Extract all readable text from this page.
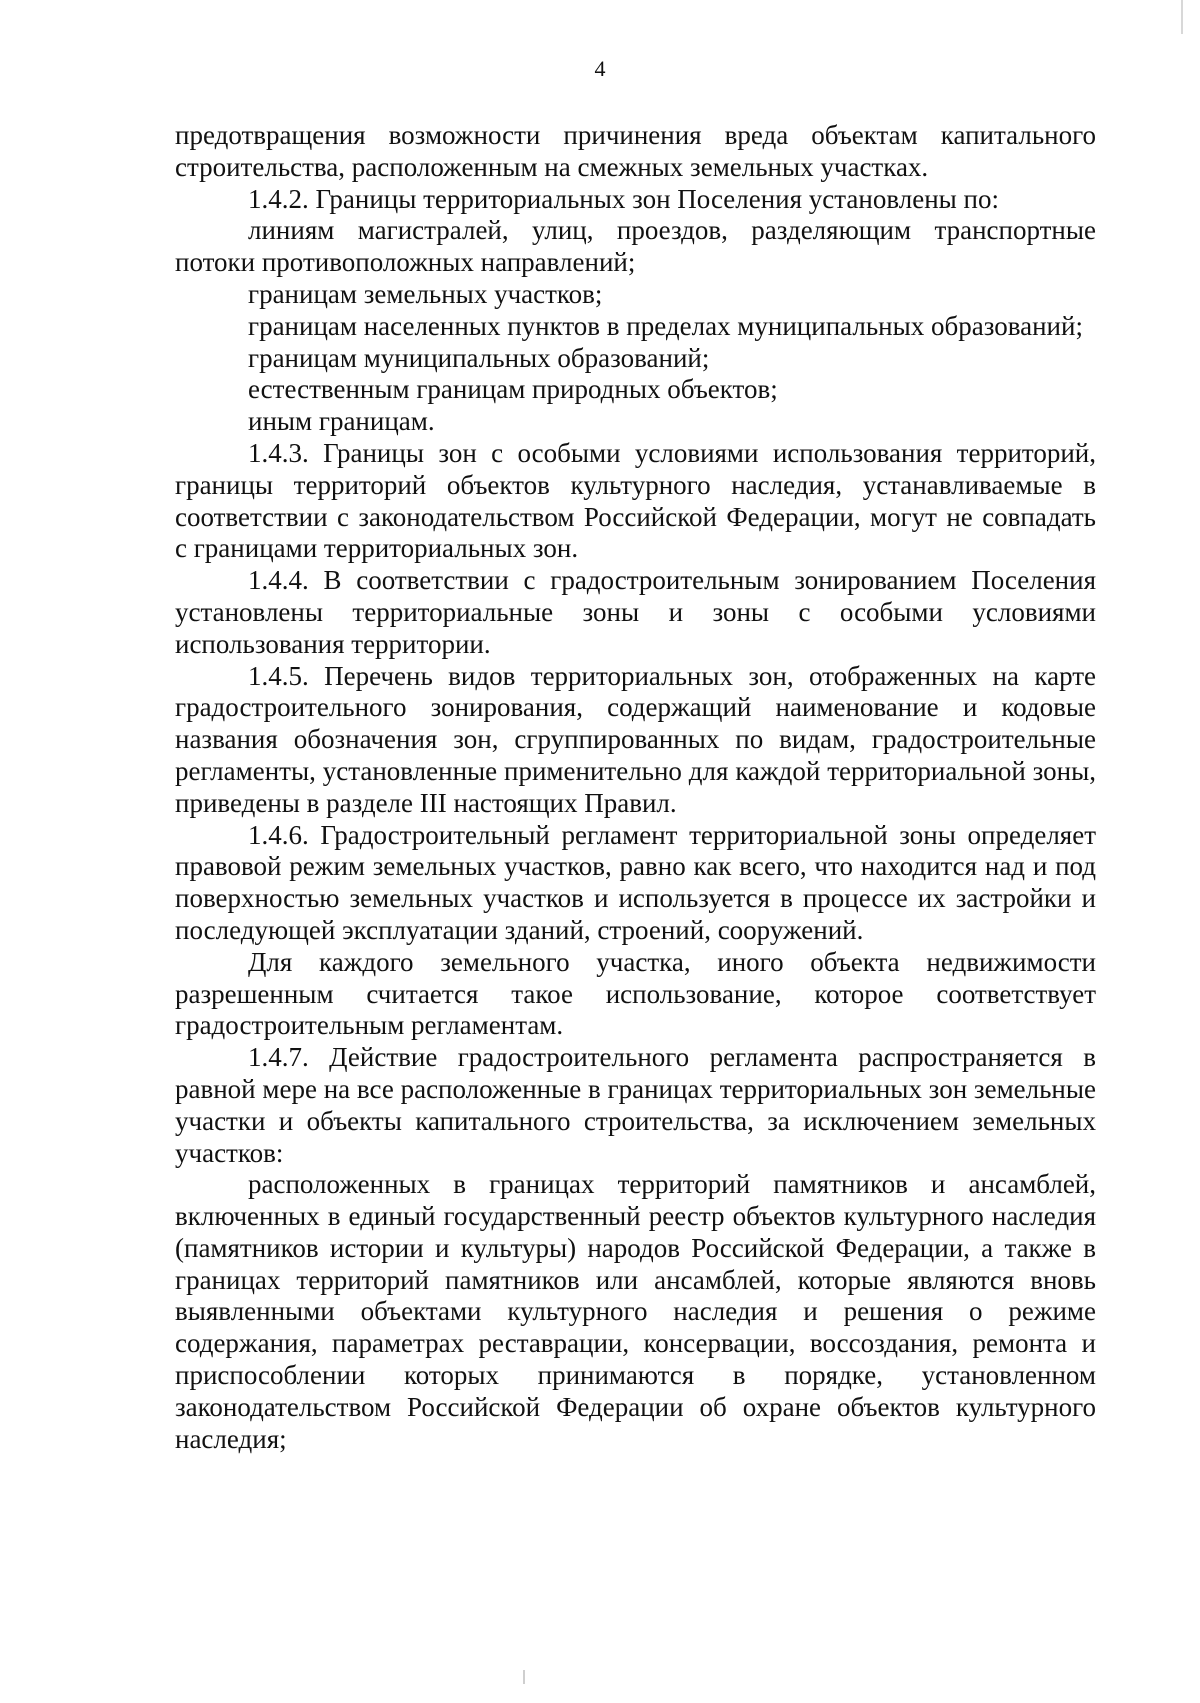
4

предотвращения возможности причинения вреда объектам капитального строительства, расположенным на смежных земельных участках.

1.4.2. Границы территориальных зон Поселения установлены по:

линиям магистралей, улиц, проездов, разделяющим транспортные потоки противоположных направлений;

границам земельных участков;

границам населенных пунктов в пределах муниципальных образований;

границам муниципальных образований;

естественным границам природных объектов;

иным границам.

1.4.3. Границы зон с особыми условиями использования территорий, границы территорий объектов культурного наследия, устанавливаемые в соответствии с законодательством Российской Федерации, могут не совпадать с границами территориальных зон.

1.4.4. В соответствии с градостроительным зонированием Поселения установлены территориальные зоны и зоны с особыми условиями использования территории.

1.4.5. Перечень видов территориальных зон, отображенных на карте градостроительного зонирования, содержащий наименование и кодовые названия обозначения зон, сгруппированных по видам, градостроительные регламенты, установленные применительно для каждой территориальной зоны, приведены в разделе III настоящих Правил.

1.4.6. Градостроительный регламент территориальной зоны определяет правовой режим земельных участков, равно как всего, что находится над и под поверхностью земельных участков и используется в процессе их застройки и последующей эксплуатации зданий, строений, сооружений.

Для каждого земельного участка, иного объекта недвижимости разрешенным считается такое использование, которое соответствует градостроительным регламентам.

1.4.7. Действие градостроительного регламента распространяется в равной мере на все расположенные в границах территориальных зон земельные участки и объекты капитального строительства, за исключением земельных участков:

расположенных в границах территорий памятников и ансамблей, включенных в единый государственный реестр объектов культурного наследия (памятников истории и культуры) народов Российской Федерации, а также в границах территорий памятников или ансамблей, которые являются вновь выявленными объектами культурного наследия и решения о режиме содержания, параметрах реставрации, консервации, воссоздания, ремонта и приспособлении которых принимаются в порядке, установленном законодательством Российской Федерации об охране объектов культурного наследия;
